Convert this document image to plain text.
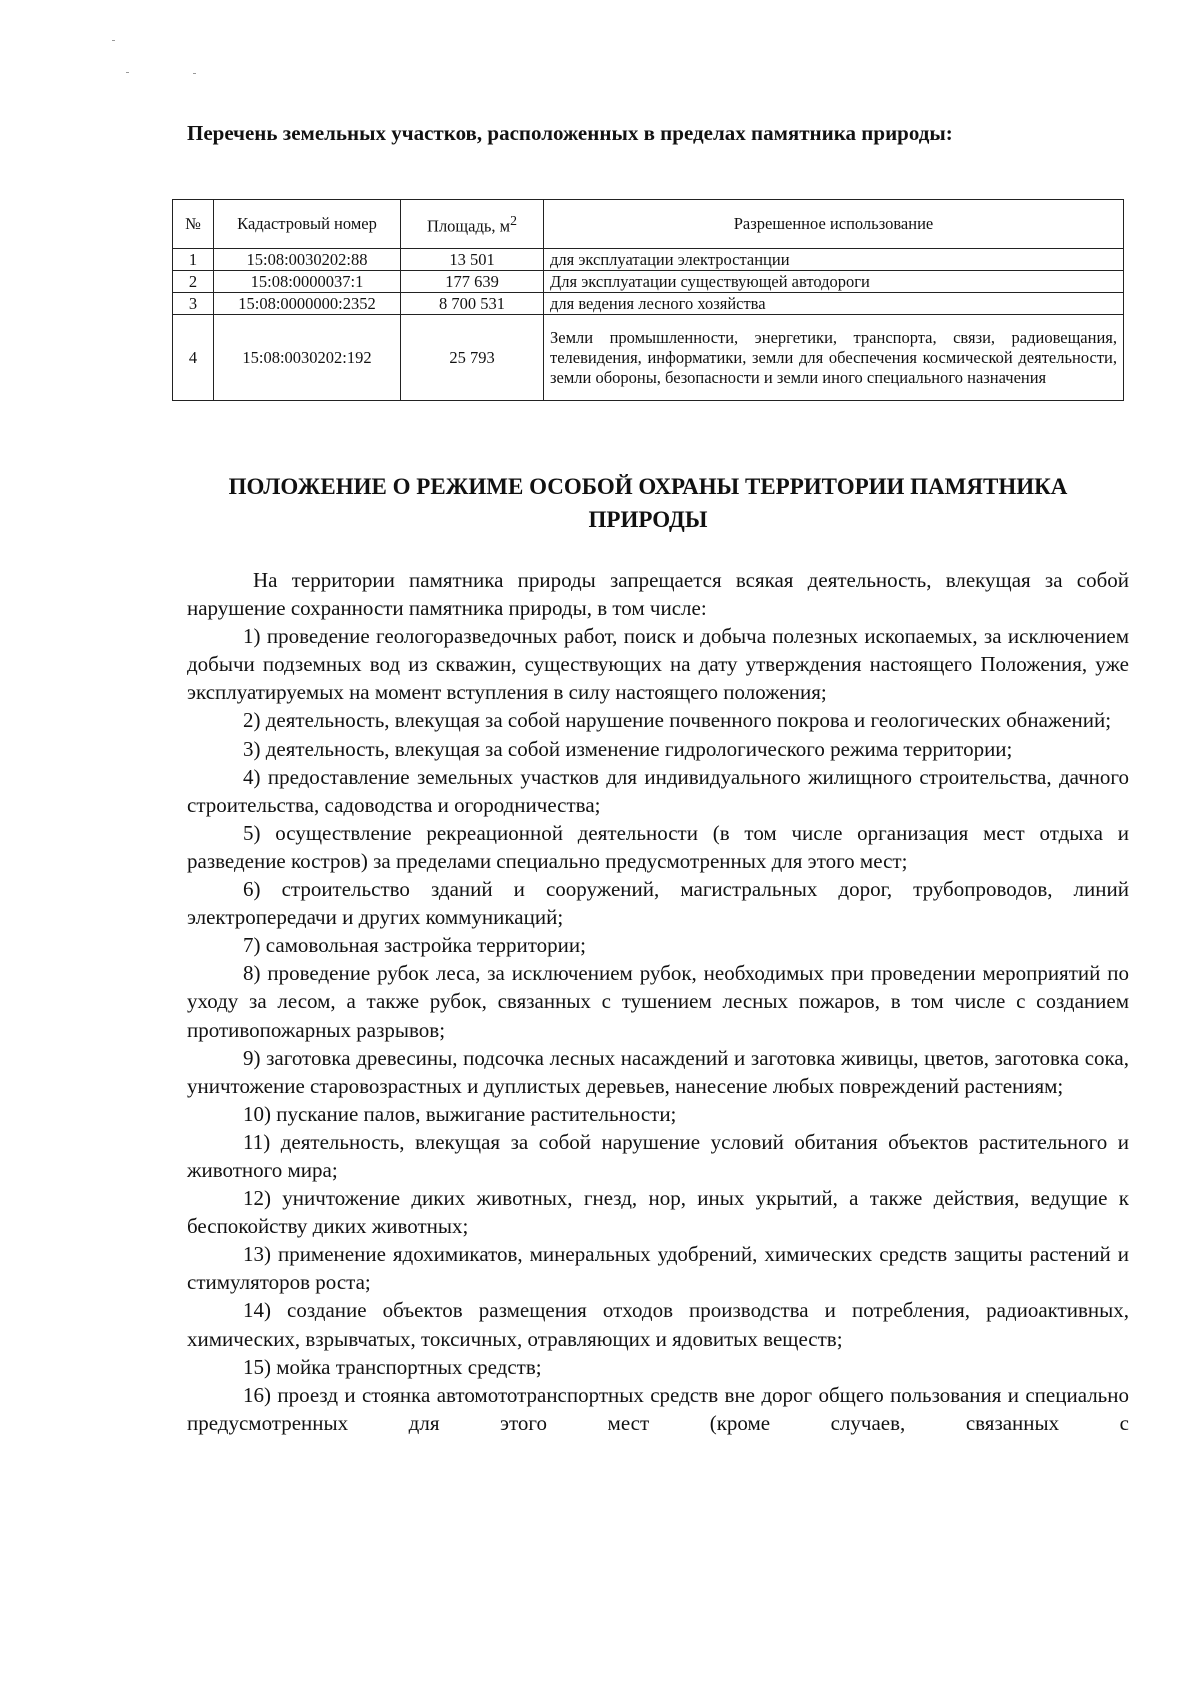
Перечень земельных участков, расположенных в пределах памятника природы:
№	Кадастровый номер	Площадь, $м^2$	Разрешенное использование
1	15:08:0030202:88	13 501	для эксплуатации электростанции
2	15:08:0000037:1	177 639	Для эксплуатации существующей автодороги
3	15:08:0000000:2352	8 700 531	для ведения лесного хозяйства
4	15:08:0030202:192	25 793	Земли промышленности, энергетики, транспорта, связи, радиовещания, телевидения, информатики, земли для обеспечения космической деятельности, земли обороны, безопасности и земли иного специального назначения
ПОЛОЖЕНИЕ О РЕЖИМЕ ОСОБОЙ ОХРАНЫ ТЕРРИТОРИИ ПАМЯТНИКА
ПРИРОДЫ

На территории памятника природы запрещается всякая деятельность, влекущая за собой нарушение сохранности памятника природы, в том числе:

1) проведение геологоразведочных работ, поиск и добыча полезных ископаемых, за исключением добычи подземных вод из скважин, существующих на дату утверждения настоящего Положения, уже эксплуатируемых на момент вступления в силу настоящего положения;

2) деятельность, влекущая за собой нарушение почвенного покрова и геологических обнажений;

3) деятельность, влекущая за собой изменение гидрологического режима территории;

4) предоставление земельных участков для индивидуального жилищного строительства, дачного строительства, садоводства и огородничества;

5) осуществление рекреационной деятельности (в том числе организация мест отдыха и разведение костров) за пределами специально предусмотренных для этого мест;

6) строительство зданий и сооружений, магистральных дорог, трубопроводов, линий электропередачи и других коммуникаций;

7) самовольная застройка территории;

8) проведение рубок леса, за исключением рубок, необходимых при проведении мероприятий по уходу за лесом, а также рубок, связанных с тушением лесных пожаров, в том числе с созданием противопожарных разрывов;

9) заготовка древесины, подсочка лесных насаждений и заготовка живицы, цветов, заготовка сока, уничтожение старовозрастных и дуплистых деревьев, нанесение любых повреждений растениям;

10) пускание палов, выжигание растительности;

11) деятельность, влекущая за собой нарушение условий обитания объектов растительного и животного мира;

12) уничтожение диких животных, гнезд, нор, иных укрытий, а также действия, ведущие к беспокойству диких животных;

13) применение ядохимикатов, минеральных удобрений, химических средств защиты растений и стимуляторов роста;

14) создание объектов размещения отходов производства и потребления, радиоактивных, химических, взрывчатых, токсичных, отравляющих и ядовитых веществ;

15) мойка транспортных средств;

16) проезд и стоянка автомототранспортных средств вне дорог общего пользования и специально предусмотренных для этого мест (кроме случаев, связанных с
